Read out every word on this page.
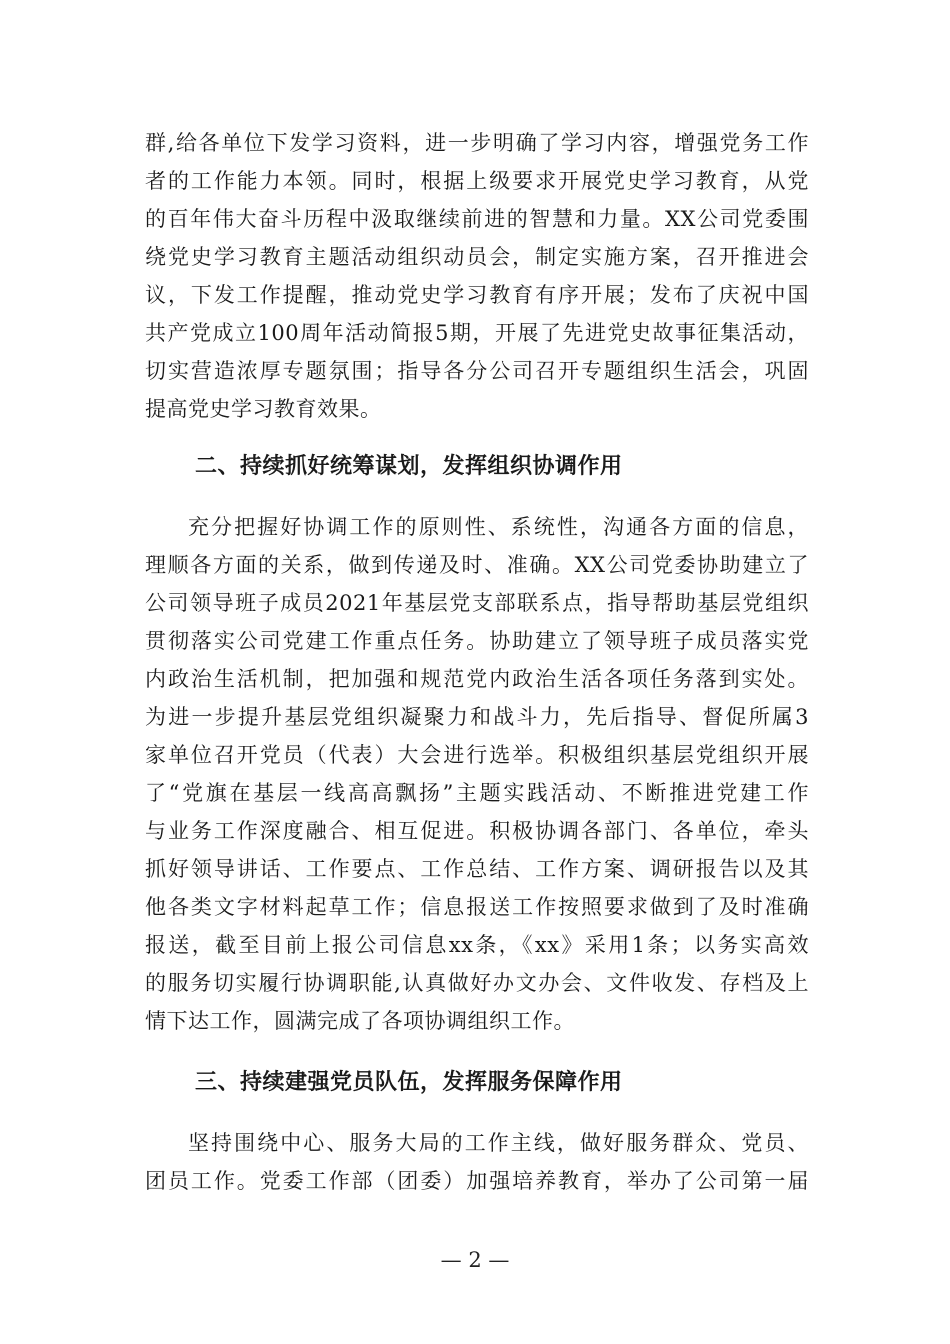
群,给各单位下发学习资料，进一步明确了学习内容，增强党务工作
者的工作能力本领。同时，根据上级要求开展党史学习教育，从党
的百年伟大奋斗历程中汲取继续前进的智慧和力量。XX公司党委围
绕党史学习教育主题活动组织动员会，制定实施方案，召开推进会
议，下发工作提醒，推动党史学习教育有序开展；发布了庆祝中国
共产党成立100周年活动简报5期，开展了先进党史故事征集活动，
切实营造浓厚专题氛围；指导各分公司召开专题组织生活会，巩固
提高党史学习教育效果。
二、持续抓好统筹谋划，发挥组织协调作用
充分把握好协调工作的原则性、系统性，沟通各方面的信息，
理顺各方面的关系，做到传递及时、准确。XX公司党委协助建立了
公司领导班子成员2021年基层党支部联系点，指导帮助基层党组织
贯彻落实公司党建工作重点任务。协助建立了领导班子成员落实党
内政治生活机制，把加强和规范党内政治生活各项任务落到实处。
为进一步提升基层党组织凝聚力和战斗力，先后指导、督促所属3
家单位召开党员（代表）大会进行选举。积极组织基层党组织开展
了“党旗在基层一线高高飘扬”主题实践活动、不断推进党建工作
与业务工作深度融合、相互促进。积极协调各部门、各单位，牵头
抓好领导讲话、工作要点、工作总结、工作方案、调研报告以及其
他各类文字材料起草工作；信息报送工作按照要求做到了及时准确
报送，截至目前上报公司信息xx条，《xx》采用1条；以务实高效
的服务切实履行协调职能,认真做好办文办会、文件收发、存档及上
情下达工作，圆满完成了各项协调组织工作。
三、持续建强党员队伍，发挥服务保障作用
坚持围绕中心、服务大局的工作主线，做好服务群众、党员、
团员工作。党委工作部（团委）加强培养教育，举办了公司第一届
— 2 —
